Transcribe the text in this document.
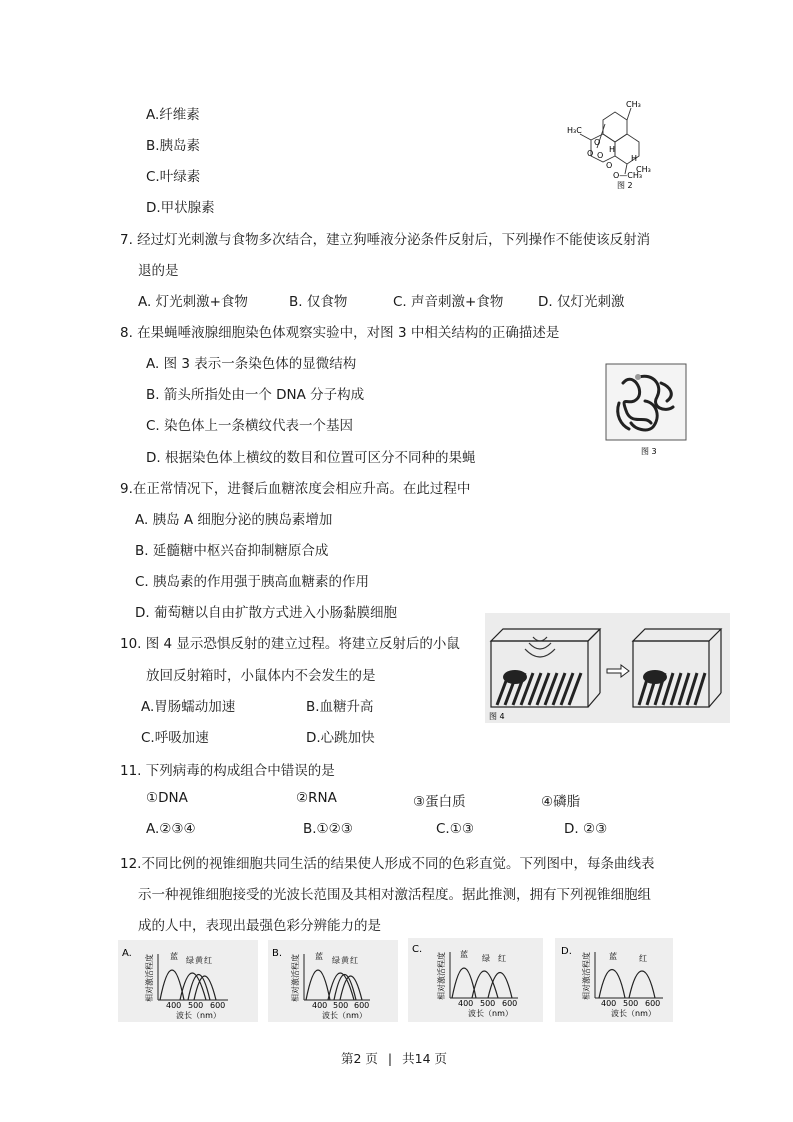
A.纤维素
B.胰岛素
C.叶绿素
D.甲状腺素
CH₃
H₃C
O
O O
H
H
O
O—CH₃
CH₃
图 2
7. 经过灯光刺激与食物多次结合，建立狗唾液分泌条件反射后，下列操作不能使该反射消
退的是
A. 灯光刺激+食物	B. 仅食物	C. 声音刺激+食物	D. 仅灯光刺激
8. 在果蝇唾液腺细胞染色体观察实验中，对图 3 中相关结构的正确描述是
A. 图 3 表示一条染色体的显微结构
B. 箭头所指处由一个 DNA 分子构成
C. 染色体上一条横纹代表一个基因
D. 根据染色体上横纹的数目和位置可区分不同种的果蝇	图 3
9.在正常情况下，进餐后血糖浓度会相应升高。在此过程中
A. 胰岛 A 细胞分泌的胰岛素增加
B. 延髓糖中枢兴奋抑制糖原合成
C. 胰岛素的作用强于胰高血糖素的作用
D. 葡萄糖以自由扩散方式进入小肠黏膜细胞
10. 图 4 显示恐惧反射的建立过程。将建立反射后的小鼠
放回反射箱时，小鼠体内不会发生的是
A.胃肠蠕动加速	B.血糖升高
C.呼吸加速	D.心跳加快
图 4
11. 下列病毒的构成组合中错误的是
①DNA	②RNA	③蛋白质	④磷脂
A.②③④	B.①②③	C.①③	D. ②③
12.不同比例的视锥细胞共同生活的结果使人形成不同的色彩直觉。下列图中，每条曲线表
示一种视锥细胞接受的光波长范围及其相对激活程度。据此推测，拥有下列视锥细胞组
成的人中，表现出最强色彩分辨能力的是
A.
相对激活程度 蓝 绿 黄 红
400 500 600
波长（nm）
B.
相对激活程度 蓝 绿 黄 红
400 500 600
波长（nm）
C.
相对激活程度 蓝 绿 红
400 500 600
波长（nm）
D.
相对激活程度 蓝	红
400 500 600
波长（nm）
第2 页 | 共14 页
